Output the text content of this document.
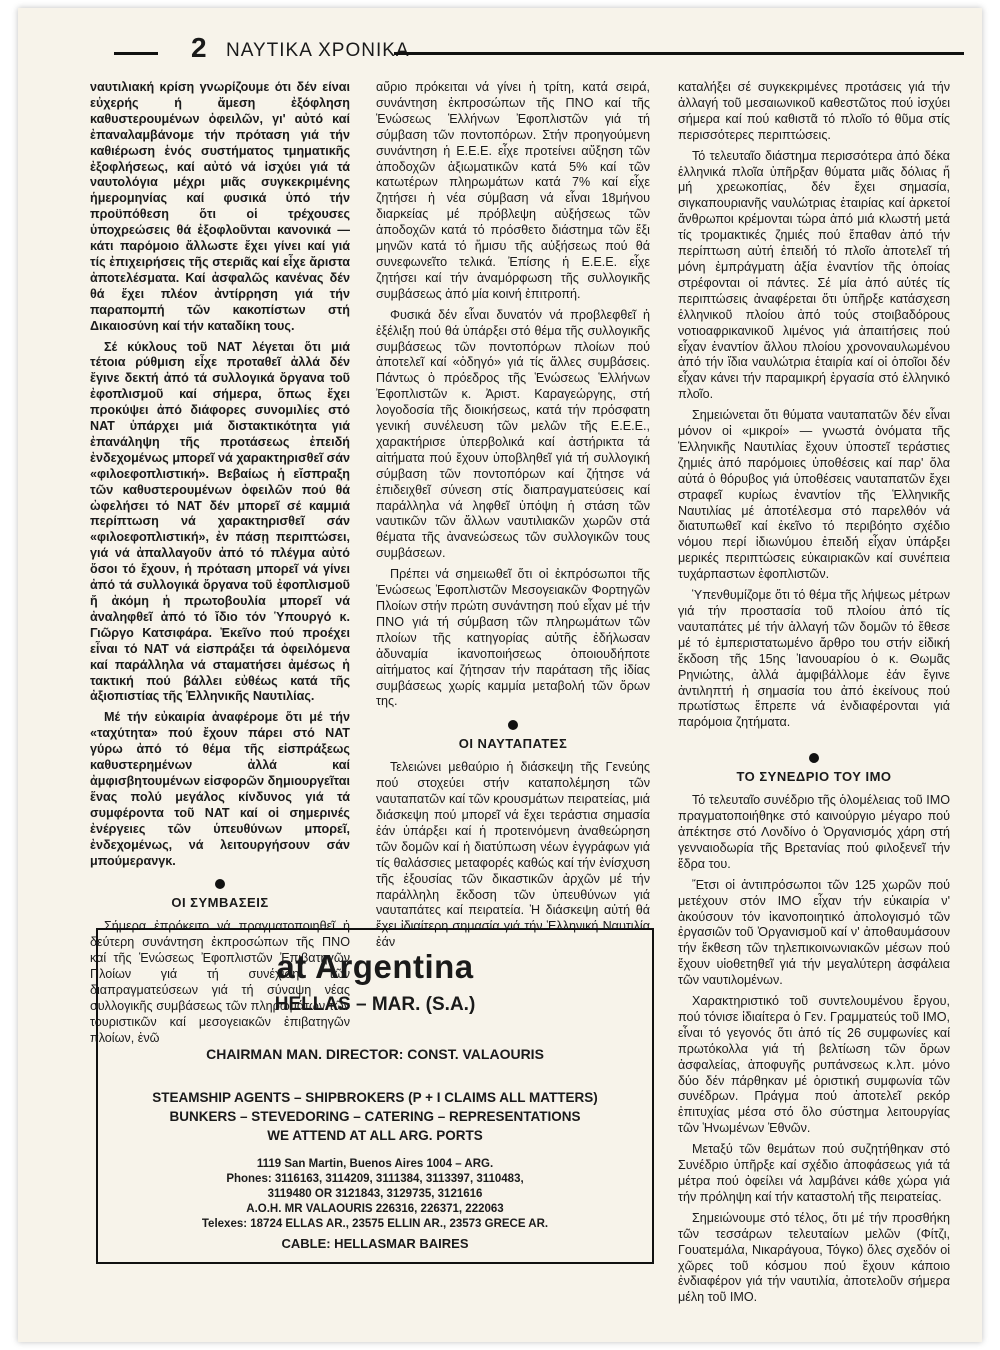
2 ΝΑΥΤΙΚΑ ΧΡΟΝΙΚΑ

ναυτιλιακή κρίση γνωρίζουμε ότι δέν είναι εὐχερής ή ἄμεση ἐξόφληση καθυστερουμένων ὀφειλῶν, γι' αὐτό καί ἐπαναλαμβάνομε τήν πρόταση γιά τήν καθιέρωση ἑνός συστήματος τμηματικῆς ἐξοφλήσεως, καί αὐτό νά ἰσχύει γιά τά ναυτολόγια μέχρι μιᾶς συγκεκριμένης ἡμερομηνίας καί φυσικά ὑπό τήν προϋπόθεση ὅτι οἱ τρέχουσες ὑποχρεώσεις θά ἐξοφλοῦνται κανονικά — κάτι παρόμοιο ἄλλωστε ἔχει γίνει καί γιά τίς ἐπιχειρήσεις τῆς στεριᾶς καί εἶχε ἄριστα ἀποτελέσματα. Καί ἀσφαλῶς κανένας δέν θά ἔχει πλέον ἀντίρρηση γιά τήν παραπομπή τῶν κακοπίστων στή Δικαιοσύνη καί τήν καταδίκη τους.

Σέ κύκλους τοῦ ΝΑΤ λέγεται ὅτι μιά τέτοια ρύθμιση εἶχε προταθεῖ ἀλλά δέν ἔγινε δεκτή ἀπό τά συλλογικά ὄργανα τοῦ ἐφοπλισμοῦ καί σήμερα, ὅπως ἔχει προκύψει ἀπό διάφορες συνομιλίες στό ΝΑΤ ὑπάρχει μιά διστακτικότητα γιά ἐπανάληψη τῆς προτάσεως ἐπειδή ἐνδεχομένως μπορεῖ νά χαρακτηρισθεῖ σάν «φιλοεφοπλιστική». Βεβαίως ἡ εἴσπραξη τῶν καθυστερουμένων ὀφειλῶν πού θά ὠφελήσει τό ΝΑΤ δέν μπορεῖ σέ καμμιά περίπτωση νά χαρακτηρισθεῖ σάν «φιλοεφοπλιστική», ἐν πάσῃ περιπτώσει, γιά νά ἀπαλλαγοῦν ἀπό τό πλέγμα αὐτό ὅσοι τό ἔχουν, ἡ πρόταση μπορεῖ νά γίνει ἀπό τά συλλογικά ὄργανα τοῦ ἐφοπλισμοῦ ἤ ἀκόμη ἡ πρωτοβουλία μπορεῖ νά ἀναληφθεῖ ἀπό τό ἴδιο τόν Ὑπουργό κ. Γιῶργο Κατσιφάρα. Ἐκεῖνο πού προέχει εἶναι τό ΝΑΤ νά εἰσπράξει τά ὀφειλόμενα καί παράλληλα νά σταματήσει ἀμέσως ἡ τακτική πού βάλλει εὐθέως κατά τῆς ἀξιοπιστίας τῆς Ἑλληνικῆς Ναυτιλίας.

Μέ τήν εὐκαιρία ἀναφέρομε ὅτι μέ τήν «ταχύτητα» πού ἔχουν πάρει στό ΝΑΤ γύρω ἀπό τό θέμα τῆς εἰσπράξεως καθυστερημένων ἀλλά καί ἀμφισβητουμένων εἰσφορῶν δημιουργεῖται ἕνας πολύ μεγάλος κίνδυνος γιά τά συμφέροντα τοῦ ΝΑΤ καί οἱ σημερινές ἐνέργειες τῶν ὑπευθύνων μπορεῖ, ἐνδεχομένως, νά λειτουργήσουν σάν μπούμερανγκ.

ΟΙ ΣΥΜΒΑΣΕΙΣ

Σήμερα ἐπρόκειτο νά πραγματοποιηθεῖ ἡ δεύτερη συνάντηση ἐκπροσώπων τῆς ΠΝΟ καί τῆς Ἑνώσεως Ἐφοπλιστῶν Ἐπιβατηγῶν Πλοίων γιά τή συνέχιση τῶν διαπραγματεύσεων γιά τή σύναψη νέας συλλογικῆς συμβάσεως τῶν πληρωμάτων τῶν τουριστικῶν καί μεσογειακῶν ἐπιβατηγῶν πλοίων, ἐνῶ

αὔριο πρόκειται νά γίνει ἡ τρίτη, κατά σειρά, συνάντηση ἐκπροσώπων τῆς ΠΝΟ καί τῆς Ἑνώσεως Ἑλλήνων Ἐφοπλιστῶν γιά τή σύμβαση τῶν ποντοπόρων. Στήν προηγούμενη συνάντηση ἡ Ε.Ε.Ε. εἶχε προτείνει αὔξηση τῶν ἀποδοχῶν ἀξιωματικῶν κατά 5% καί τῶν κατωτέρων πληρωμάτων κατά 7% καί εἶχε ζητήσει ἡ νέα σύμβαση νά εἶναι 18μήνου διαρκείας μέ πρόβλεψη αὐξήσεως τῶν ἀποδοχῶν κατά τό πρόσθετο διάστημα τῶν ἕξι μηνῶν κατά τό ἥμισυ τῆς αὐξήσεως πού θά συνεφωνεῖτο τελικά. Ἐπίσης ἡ Ε.Ε.Ε. εἶχε ζητήσει καί τήν ἀναμόρφωση τῆς συλλογικῆς συμβάσεως ἀπό μία κοινή ἐπιτροπή.

Φυσικά δέν εἶναι δυνατόν νά προβλεφθεῖ ἡ ἐξέλιξη πού θά ὑπάρξει στό θέμα τῆς συλλογικῆς συμβάσεως τῶν ποντοπόρων πλοίων πού ἀποτελεῖ καί «ὁδηγό» γιά τίς ἄλλες συμβάσεις. Πάντως ὁ πρόεδρος τῆς Ἑνώσεως Ἑλλήνων Ἐφοπλιστῶν κ. Ἀριστ. Καραγεώργης, στή λογοδοσία τῆς διοικήσεως, κατά τήν πρόσφατη γενική συνέλευση τῶν μελῶν τῆς Ε.Ε.Ε., χαρακτήρισε ὑπερβολικά καί ἀστήρικτα τά αἰτήματα πού ἔχουν ὑποβληθεῖ γιά τή συλλογική σύμβαση τῶν ποντοπόρων καί ζήτησε νά ἐπιδειχθεῖ σύνεση στίς διαπραγματεύσεις καί παράλληλα νά ληφθεῖ ὑπόψη ἡ στάση τῶν ναυτικῶν τῶν ἄλλων ναυτιλιακῶν χωρῶν στά θέματα τῆς ἀνανεώσεως τῶν συλλογικῶν τους συμβάσεων.

Πρέπει νά σημειωθεῖ ὅτι οἱ ἐκπρόσωποι τῆς Ἑνώσεως Ἐφοπλιστῶν Μεσογειακῶν Φορτηγῶν Πλοίων στήν πρώτη συνάντηση πού εἶχαν μέ τήν ΠΝΟ γιά τή σύμβαση τῶν πληρωμάτων τῶν πλοίων τῆς κατηγορίας αὐτῆς ἐδήλωσαν ἀδυναμία ἱκανοποιήσεως ὁποιουδήποτε αἰτήματος καί ζήτησαν τήν παράταση τῆς ἰδίας συμβάσεως χωρίς καμμία μεταβολή τῶν ὅρων της.

ΟΙ ΝΑΥΤΑΠΑΤΕΣ

Τελειώνει μεθαύριο ἡ διάσκεψη τῆς Γενεύης πού στοχεύει στήν καταπολέμηση τῶν ναυταπατῶν καί τῶν κρουσμάτων πειρατείας, μιά διάσκεψη πού μπορεῖ νά ἔχει τεράστια σημασία ἐάν ὑπάρξει καί ἡ προτεινόμενη ἀναθεώρηση τῶν δομῶν καί ἡ διατύπωση νέων ἐγγράφων γιά τίς θαλάσσιες μεταφορές καθώς καί τήν ἐνίσχυση τῆς ἐξουσίας τῶν δικαστικῶν ἀρχῶν μέ τήν παράλληλη ἔκδοση τῶν ὑπευθύνων γιά ναυταπάτες καί πειρατεία. Ἡ διάσκεψη αὐτή θά ἔχει ἰδιαίτερη σημασία γιά τήν Ἑλληνική Ναυτιλία ἐάν

καταλήξει σέ συγκεκριμένες προτάσεις γιά τήν ἀλλαγή τοῦ μεσαιωνικοῦ καθεστῶτος πού ἰσχύει σήμερα καί πού καθιστᾶ τό πλοῖο τό θῦμα στίς περισσότερες περιπτώσεις.

Τό τελευταῖο διάστημα περισσότερα ἀπό δέκα ἑλληνικά πλοῖα ὑπῆρξαν θύματα μιᾶς δόλιας ἤ μή χρεωκοπίας, δέν ἔχει σημασία, σιγκαπουριανῆς ναυλώτριας ἑταιρίας καί ἀρκετοί ἄνθρωποι κρέμονται τώρα ἀπό μιά κλωστή μετά τίς τρομακτικές ζημιές πού ἔπαθαν ἀπό τήν περίπτωση αὐτή ἐπειδή τό πλοῖο ἀποτελεῖ τή μόνη ἐμπράγματη ἀξία ἐναντίον τῆς ὁποίας στρέφονται οἱ πάντες. Σέ μία ἀπό αὐτές τίς περιπτώσεις ἀναφέρεται ὅτι ὑπῆρξε κατάσχεση ἑλληνικοῦ πλοίου ἀπό τούς στοιβαδόρους νοτιοαφρικανικοῦ λιμένος γιά ἀπαιτήσεις πού εἶχαν ἐναντίον ἄλλου πλοίου χρονοναυλωμένου ἀπό τήν ἴδια ναυλώτρια ἑταιρία καί οἱ ὁποῖοι δέν εἶχαν κάνει τήν παραμικρή ἐργασία στό ἑλληνικό πλοῖο.

Σημειώνεται ὅτι θύματα ναυταπατῶν δέν εἶναι μόνον οἱ «μικροί» — γνωστά ὀνόματα τῆς Ἑλληνικῆς Ναυτιλίας ἔχουν ὑποστεῖ τεράστιες ζημιές ἀπό παρόμοιες ὑποθέσεις καί παρ' ὅλα αὐτά ὁ θόρυβος γιά ὑποθέσεις ναυταπατῶν ἔχει στραφεῖ κυρίως ἐναντίον τῆς Ἑλληνικῆς Ναυτιλίας μέ ἀποτέλεσμα στό παρελθόν νά διατυπωθεῖ καί ἐκεῖνο τό περιβόητο σχέδιο νόμου περί ἰδιωνύμου ἐπειδή εἶχαν ὑπάρξει μερικές περιπτώσεις εὐκαιριακῶν καί συνέπεια τυχάρπαστων ἐφοπλιστῶν.

Ὑπενθυμίζομε ὅτι τό θέμα τῆς λήψεως μέτρων γιά τήν προστασία τοῦ πλοίου ἀπό τίς ναυταπάτες μέ τήν ἀλλαγή τῶν δομῶν τό ἔθεσε μέ τό ἐμπεριστατωμένο ἄρθρο του στήν εἰδική ἔκδοση τῆς 15ης Ἰανουαρίου ὁ κ. Θωμᾶς Ρηνιώτης, ἀλλά ἀμφιβάλλομε ἐάν ἔγινε ἀντιληπτή ἡ σημασία του ἀπό ἐκείνους πού πρωτίστως ἔπρεπε νά ἐνδιαφέρονται γιά παρόμοια ζητήματα.

ΤΟ ΣΥΝΕΔΡΙΟ ΤΟΥ ΙΜΟ

Τό τελευταῖο συνέδριο τῆς ὁλομέλειας τοῦ ΙΜΟ πραγματοποιήθηκε στό καινούργιο μέγαρο πού ἀπέκτησε στό Λονδίνο ὁ Ὀργανισμός χάρη στή γενναιοδωρία τῆς Βρετανίας πού φιλοξενεῖ τήν ἕδρα του.

Ἔτσι οἱ ἀντιπρόσωποι τῶν 125 χωρῶν πού μετέχουν στόν ΙΜΟ εἶχαν τήν εὐκαιρία ν' ἀκούσουν τόν ἱκανοποιητικό ἀπολογισμό τῶν ἐργασιῶν τοῦ Ὀργανισμοῦ καί ν' ἀποθαυμάσουν τήν ἔκθεση τῶν τηλεπικοινωνιακῶν μέσων πού ἔχουν υἱοθετηθεῖ γιά τήν μεγαλύτερη ἀσφάλεια τῶν ναυτιλομένων.

Χαρακτηριστικό τοῦ συντελουμένου ἔργου, πού τόνισε ἰδιαίτερα ὁ Γεν. Γραμματεύς τοῦ ΙΜΟ, εἶναι τό γεγονός ὅτι ἀπό τίς 26 συμφωνίες καί πρωτόκολλα γιά τή βελτίωση τῶν ὅρων ἀσφαλείας, ἀποφυγῆς ρυπάνσεως κ.λπ. μόνο δύο δέν πάρθηκαν μέ ὁριστική συμφωνία τῶν συνέδρων. Πράγμα πού ἀποτελεῖ ρεκόρ ἐπιτυχίας μέσα στό ὅλο σύστημα λειτουργίας τῶν Ἡνωμένων Ἐθνῶν.

Μεταξύ τῶν θεμάτων πού συζητήθηκαν στό Συνέδριο ὑπῆρξε καί σχέδιο ἀποφάσεως γιά τά μέτρα πού ὀφείλει νά λαμβάνει κάθε χώρα γιά τήν πρόληψη καί τήν καταστολή τῆς πειρατείας.

Σημειώνουμε στό τέλος, ὅτι μέ τήν προσθήκη τῶν τεσσάρων τελευταίων μελῶν (Φίτζι, Γουατεμάλα, Νικαράγουα, Τόγκο) ὅλες σχεδόν οἱ χῶρες τοῦ κόσμου πού ἔχουν κάποιο ἐνδιαφέρον γιά τήν ναυτιλία, ἀποτελοῦν σήμερα μέλη τοῦ ΙΜΟ.

at Argentina
HELLAS – MAR. (S.A.)
CHAIRMAN MAN. DIRECTOR: CONST. VALAOURIS
STEAMSHIP AGENTS – SHIPBROKERS (P + I CLAIMS ALL MATTERS)
BUNKERS – STEVEDORING – CATERING – REPRESENTATIONS
WE ATTEND AT ALL ARG. PORTS
1119 San Martin, Buenos Aires 1004 – ARG.
Phones: 3116163, 3114209, 3111384, 3113397, 3110483,
3119480 OR 3121843, 3129735, 3121616
A.O.H. MR VALAOURIS 226316, 226371, 222063
Telexes: 18724 ELLAS AR., 23575 ELLIN AR., 23573 GRECE AR.
CABLE: HELLASMAR BAIRES
